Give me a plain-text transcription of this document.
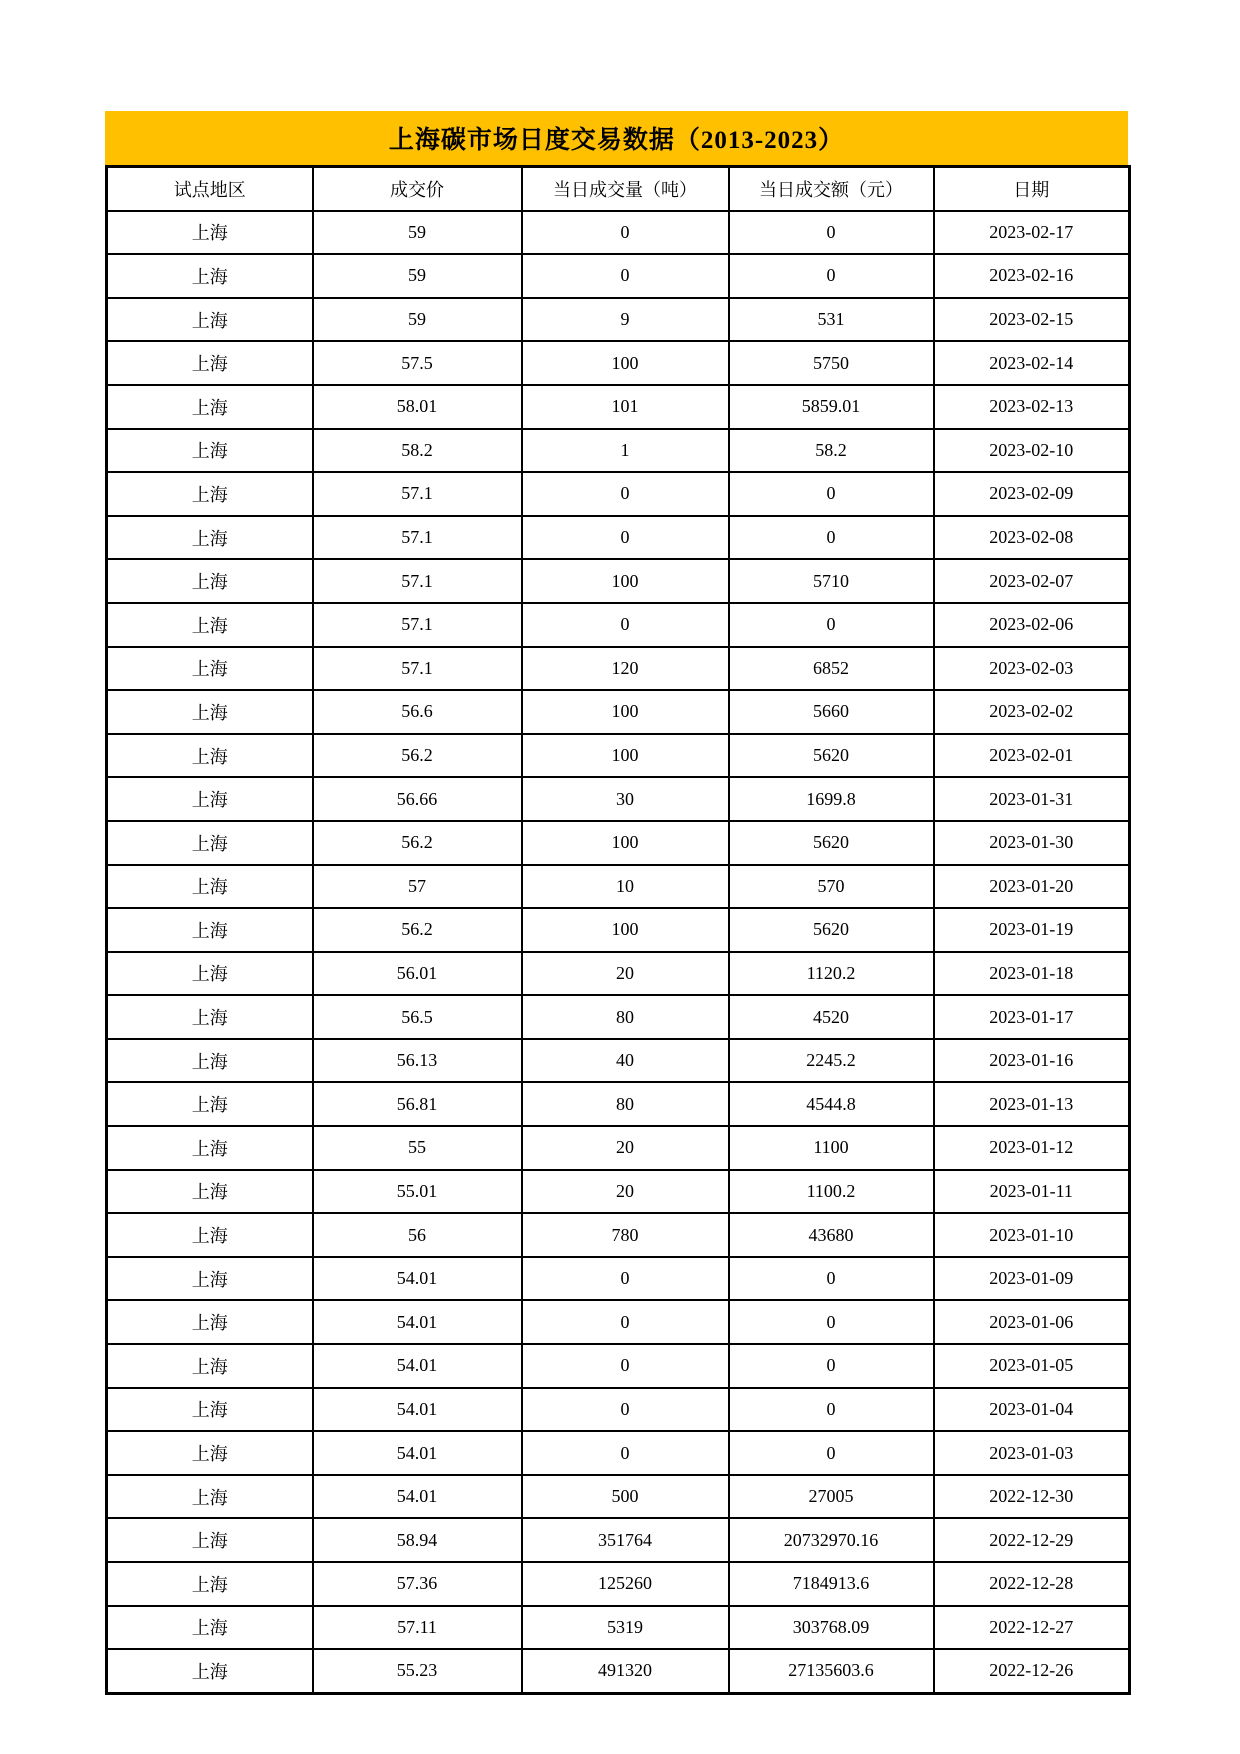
上海碳市场日度交易数据（2013-2023）
试点地区	成交价	当日成交量（吨）	当日成交额（元）	日期
上海	59	0	0	2023-02-17
上海	59	0	0	2023-02-16
上海	59	9	531	2023-02-15
上海	57.5	100	5750	2023-02-14
上海	58.01	101	5859.01	2023-02-13
上海	58.2	1	58.2	2023-02-10
上海	57.1	0	0	2023-02-09
上海	57.1	0	0	2023-02-08
上海	57.1	100	5710	2023-02-07
上海	57.1	0	0	2023-02-06
上海	57.1	120	6852	2023-02-03
上海	56.6	100	5660	2023-02-02
上海	56.2	100	5620	2023-02-01
上海	56.66	30	1699.8	2023-01-31
上海	56.2	100	5620	2023-01-30
上海	57	10	570	2023-01-20
上海	56.2	100	5620	2023-01-19
上海	56.01	20	1120.2	2023-01-18
上海	56.5	80	4520	2023-01-17
上海	56.13	40	2245.2	2023-01-16
上海	56.81	80	4544.8	2023-01-13
上海	55	20	1100	2023-01-12
上海	55.01	20	1100.2	2023-01-11
上海	56	780	43680	2023-01-10
上海	54.01	0	0	2023-01-09
上海	54.01	0	0	2023-01-06
上海	54.01	0	0	2023-01-05
上海	54.01	0	0	2023-01-04
上海	54.01	0	0	2023-01-03
上海	54.01	500	27005	2022-12-30
上海	58.94	351764	20732970.16	2022-12-29
上海	57.36	125260	7184913.6	2022-12-28
上海	57.11	5319	303768.09	2022-12-27
上海	55.23	491320	27135603.6	2022-12-26
